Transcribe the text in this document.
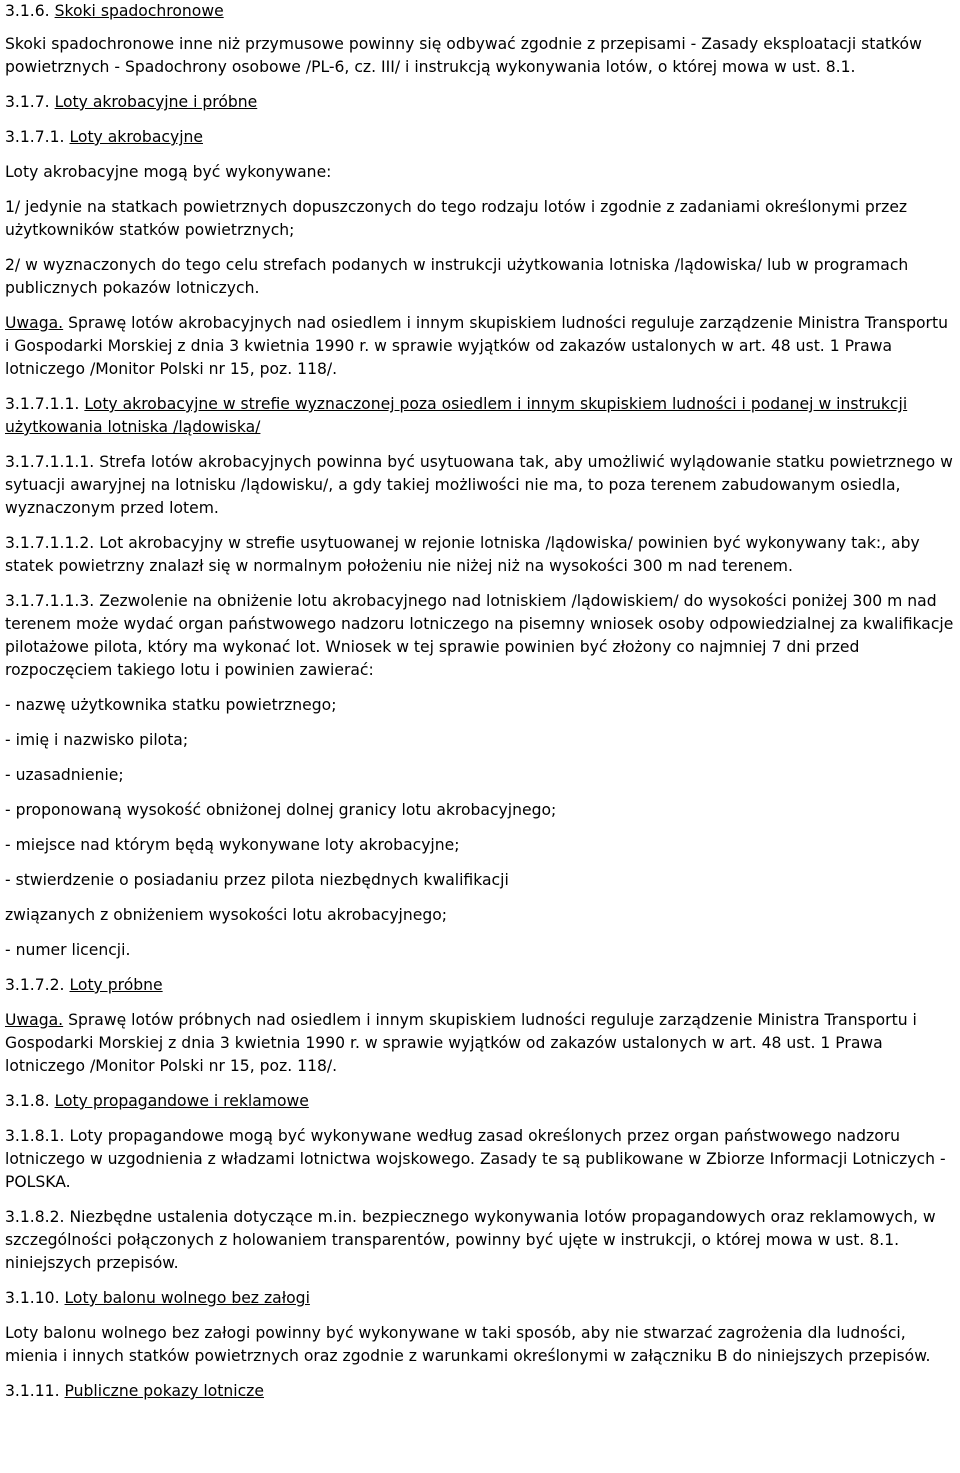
3.1.6. Skoki spadochronowe
Skoki spadochronowe inne niż przymusowe powinny się odbywać zgodnie z przepisami - Zasady eksploatacji statków powietrznych - Spadochrony osobowe /PL-6, cz. III/ i instrukcją wykonywania lotów, o której mowa w ust. 8.1.
3.1.7. Loty akrobacyjne i próbne
3.1.7.1. Loty akrobacyjne
Loty akrobacyjne mogą być wykonywane:
1/ jedynie na statkach powietrznych dopuszczonych do tego rodzaju lotów i zgodnie z zadaniami określonymi przez użytkowników statków powietrznych;
2/ w wyznaczonych do tego celu strefach podanych w instrukcji użytkowania lotniska /lądowiska/ lub w programach publicznych pokazów lotniczych.
Uwaga. Sprawę lotów akrobacyjnych nad osiedlem i innym skupiskiem ludności reguluje zarządzenie Ministra Transportu i Gospodarki Morskiej z dnia 3 kwietnia 1990 r. w sprawie wyjątków od zakazów ustalonych w art. 48 ust. 1 Prawa lotniczego /Monitor Polski nr 15, poz. 118/.
3.1.7.1.1. Loty akrobacyjne w strefie wyznaczonej poza osiedlem i innym skupiskiem ludności i podanej w instrukcji użytkowania lotniska /lądowiska/
3.1.7.1.1.1. Strefa lotów akrobacyjnych powinna być usytuowana tak, aby umożliwić wylądowanie statku powietrznego w sytuacji awaryjnej na lotnisku /lądowisku/, a gdy takiej możliwości nie ma, to poza terenem zabudowanym osiedla, wyznaczonym przed lotem.
3.1.7.1.1.2. Lot akrobacyjny w strefie usytuowanej w rejonie lotniska /lądowiska/ powinien być wykonywany tak:, aby statek powietrzny znalazł się w normalnym położeniu nie niżej niż na wysokości 300 m nad terenem.
3.1.7.1.1.3. Zezwolenie na obniżenie lotu akrobacyjnego nad lotniskiem /lądowiskiem/ do wysokości poniżej 300 m nad terenem może wydać organ państwowego nadzoru lotniczego na pisemny wniosek osoby odpowiedzialnej za kwalifikacje pilotażowe pilota, który ma wykonać lot. Wniosek w tej sprawie powinien być złożony co najmniej 7 dni przed rozpoczęciem takiego lotu i powinien zawierać:
- nazwę użytkownika statku powietrznego;
- imię i nazwisko pilota;
- uzasadnienie;
- proponowaną wysokość obniżonej dolnej granicy lotu akrobacyjnego;
- miejsce nad którym będą wykonywane loty akrobacyjne;
- stwierdzenie o posiadaniu przez pilota niezbędnych kwalifikacji
związanych z obniżeniem wysokości lotu akrobacyjnego;
- numer licencji.
3.1.7.2. Loty próbne
Uwaga. Sprawę lotów próbnych nad osiedlem i innym skupiskiem ludności reguluje zarządzenie Ministra Transportu i Gospodarki Morskiej z dnia 3 kwietnia 1990 r. w sprawie wyjątków od zakazów ustalonych w art. 48 ust. 1 Prawa lotniczego /Monitor Polski nr 15, poz. 118/.
3.1.8. Loty propagandowe i reklamowe
3.1.8.1. Loty propagandowe mogą być wykonywane według zasad określonych przez organ państwowego nadzoru lotniczego w uzgodnienia z władzami lotnictwa wojskowego. Zasady te są publikowane w Zbiorze Informacji Lotniczych - POLSKA.
3.1.8.2. Niezbędne ustalenia dotyczące m.in. bezpiecznego wykonywania lotów propagandowych oraz reklamowych, w szczególności połączonych z holowaniem transparentów, powinny być ujęte w instrukcji, o której mowa w ust. 8.1. niniejszych przepisów.
3.1.10. Loty balonu wolnego bez załogi
Loty balonu wolnego bez załogi powinny być wykonywane w taki sposób, aby nie stwarzać zagrożenia dla ludności, mienia i innych statków powietrznych oraz zgodnie z warunkami określonymi w załączniku B do niniejszych przepisów.
3.1.11. Publiczne pokazy lotnicze
